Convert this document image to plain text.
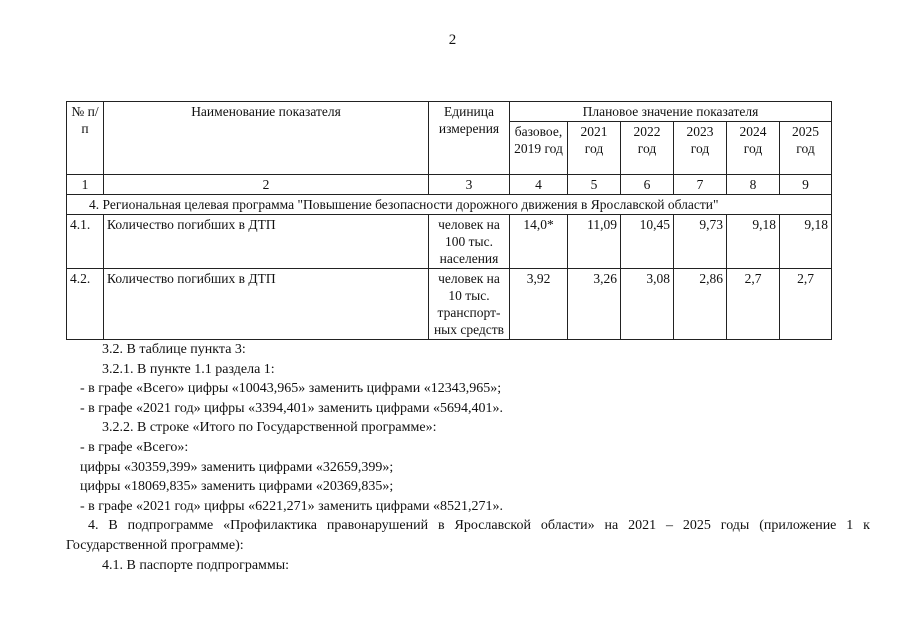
2
№ п/п	Наименование показателя	Единица измерения	Плановое значение показателя					
			базовое, 2019 год	2021 год	2022 год	2023 год	2024 год	2025 год
1	2	3	4	5	6	7	8	9
4. Региональная целевая программа "Повышение безопасности дорожного движения в Ярославской области"								
4.1.	Количество погибших в ДТП	человек на 100 тыс. населения	14,0*	11,09	10,45	9,73	9,18	9,18
4.2.	Количество погибших в ДТП	человек на 10 тыс. транспорт-ных средств	3,92	3,26	3,08	2,86	2,7	2,7

3.2. В таблице пункта 3:

3.2.1. В пункте 1.1 раздела 1:

- в графе «Всего» цифры «10043,965» заменить цифрами «12343,965»;

- в графе «2021 год» цифры «3394,401» заменить цифрами «5694,401».

3.2.2. В строке «Итого по Государственной программе»:

- в графе «Всего»:

цифры «30359,399» заменить цифрами «32659,399»;

цифры «18069,835» заменить цифрами «20369,835»;

- в графе «2021 год» цифры «6221,271» заменить цифрами «8521,271».

4. В подпрограмме «Профилактика правонарушений в Ярославской области» на 2021 – 2025 годы (приложение 1 к Государственной программе):

4.1. В паспорте подпрограммы:
